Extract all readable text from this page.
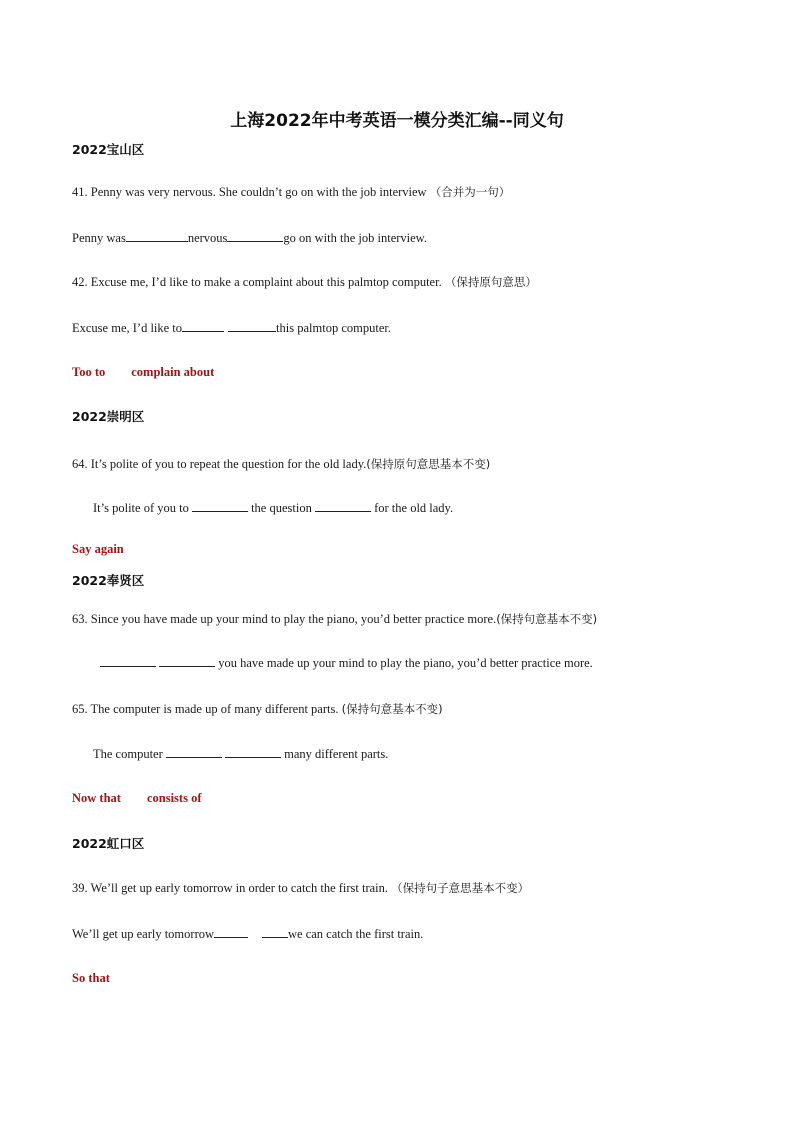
上海2022年中考英语一模分类汇编--同义句
2022宝山区
41. Penny was very nervous. She couldn’t go on with the job interview （合并为一句）
Penny was	nervous	go on with the job interview.
42. Excuse me, I’d like to make a complaint about this palmtop computer. （保持原句意思）
Excuse me, I’d like to	this palmtop computer.
Too to complain about
2022崇明区
64. It’s polite of you to repeat the question for the old lady.(保持原句意思基本不变)
It’s polite of you to	the question	for the old lady.
Say again
2022奉贤区
63. Since you have made up your mind to play the piano, you’d better practice more.(保持句意基本不变)
you have made up your mind to play the piano, you’d better practice more.
65. The computer is made up of many different parts. (保持句意基本不变)
The computer	many different parts.
Now that consists of
2022虹口区
39. We’ll get up early tomorrow in order to catch the first train. （保持句子意思基本不变）
We’ll get up early tomorrow	we can catch the first train.
So that
